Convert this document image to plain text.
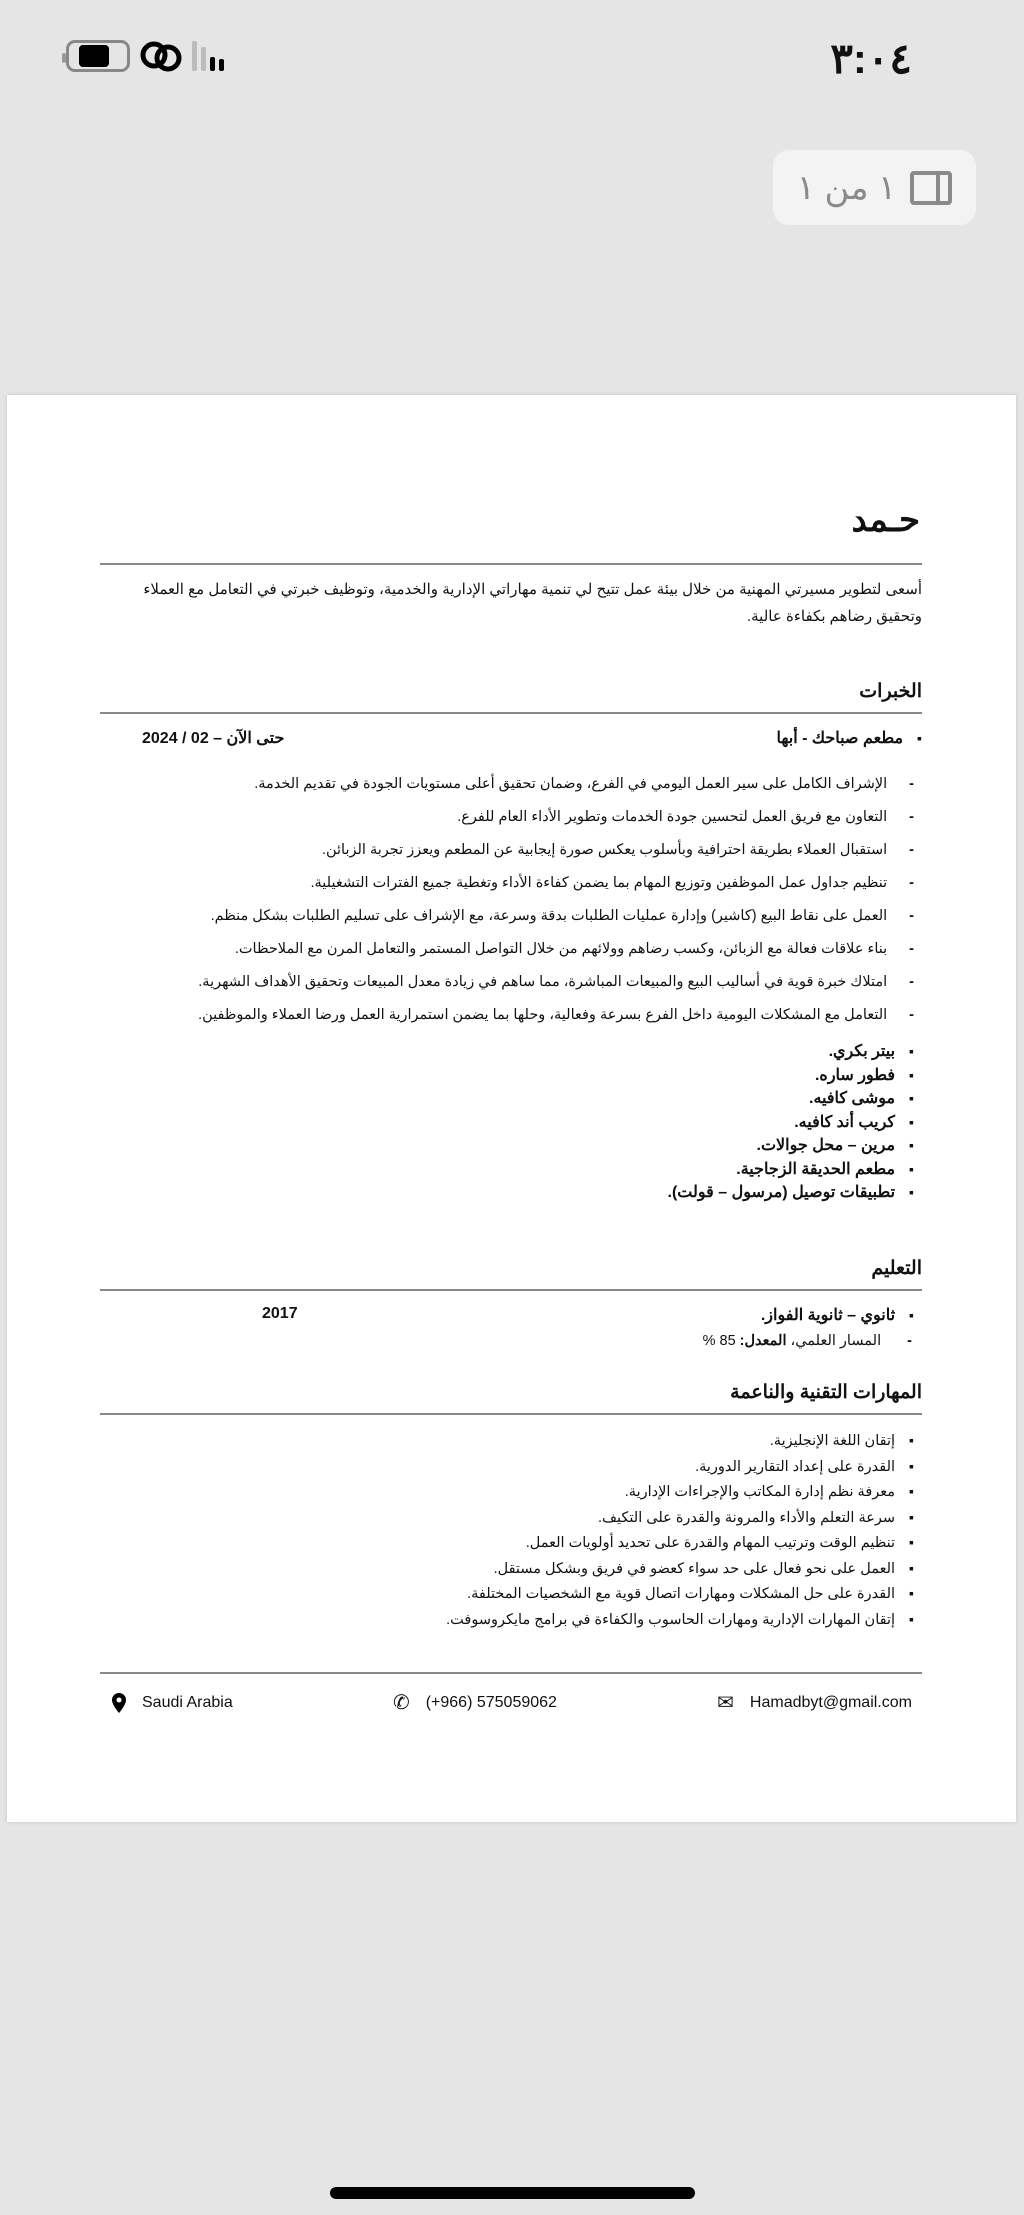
٣:٠٤
١ من ١
حـمد
أسعى لتطوير مسيرتي المهنية من خلال بيئة عمل تتيح لي تنمية مهاراتي الإدارية والخدمية، وتوظيف خبرتي في التعامل مع العملاء وتحقيق رضاهم بكفاءة عالية.
الخبرات
▪ مطعم صباحك - أبها
2024 / 02 – حتى الآن
- الإشراف الكامل على سير العمل اليومي في الفرع، وضمان تحقيق أعلى مستويات الجودة في تقديم الخدمة.
- التعاون مع فريق العمل لتحسين جودة الخدمات وتطوير الأداء العام للفرع.
- استقبال العملاء بطريقة احترافية وبأسلوب يعكس صورة إيجابية عن المطعم ويعزز تجربة الزبائن.
- تنظيم جداول عمل الموظفين وتوزيع المهام بما يضمن كفاءة الأداء وتغطية جميع الفترات التشغيلية.
- العمل على نقاط البيع (كاشير) وإدارة عمليات الطلبات بدقة وسرعة، مع الإشراف على تسليم الطلبات بشكل منظم.
- بناء علاقات فعالة مع الزبائن، وكسب رضاهم وولائهم من خلال التواصل المستمر والتعامل المرن مع الملاحظات.
- امتلاك خبرة قوية في أساليب البيع والمبيعات المباشرة، مما ساهم في زيادة معدل المبيعات وتحقيق الأهداف الشهرية.
- التعامل مع المشكلات اليومية داخل الفرع بسرعة وفعالية، وحلها بما يضمن استمرارية العمل ورضا العملاء والموظفين.
▪ بيتر بكري.
▪ فطور ساره.
▪ موشى كافيه.
▪ كريب أند كافيه.
▪ مرين – محل جوالات.
▪ مطعم الحديقة الزجاجية.
▪ تطبيقات توصيل (مرسول – قولت).
التعليم
▪ ثانوي – ثانوية الفواز.
2017
- المسار العلمي، المعدل: 85 %
المهارات التقنية والناعمة
▪ إتقان اللغة الإنجليزية.
▪ القدرة على إعداد التقارير الدورية.
▪ معرفة نظم إدارة المكاتب والإجراءات الإدارية.
▪ سرعة التعلم والأداء والمرونة والقدرة على التكيف.
▪ تنظيم الوقت وترتيب المهام والقدرة على تحديد أولويات العمل.
▪ العمل على نحو فعال على حد سواء كعضو في فريق وبشكل مستقل.
▪ القدرة على حل المشكلات ومهارات اتصال قوية مع الشخصيات المختلفة.
▪ إتقان المهارات الإدارية ومهارات الحاسوب والكفاءة في برامج مايكروسوفت.
Saudi Arabia	✆ (+966) 575059062	✉ Hamadbyt@gmail.com
